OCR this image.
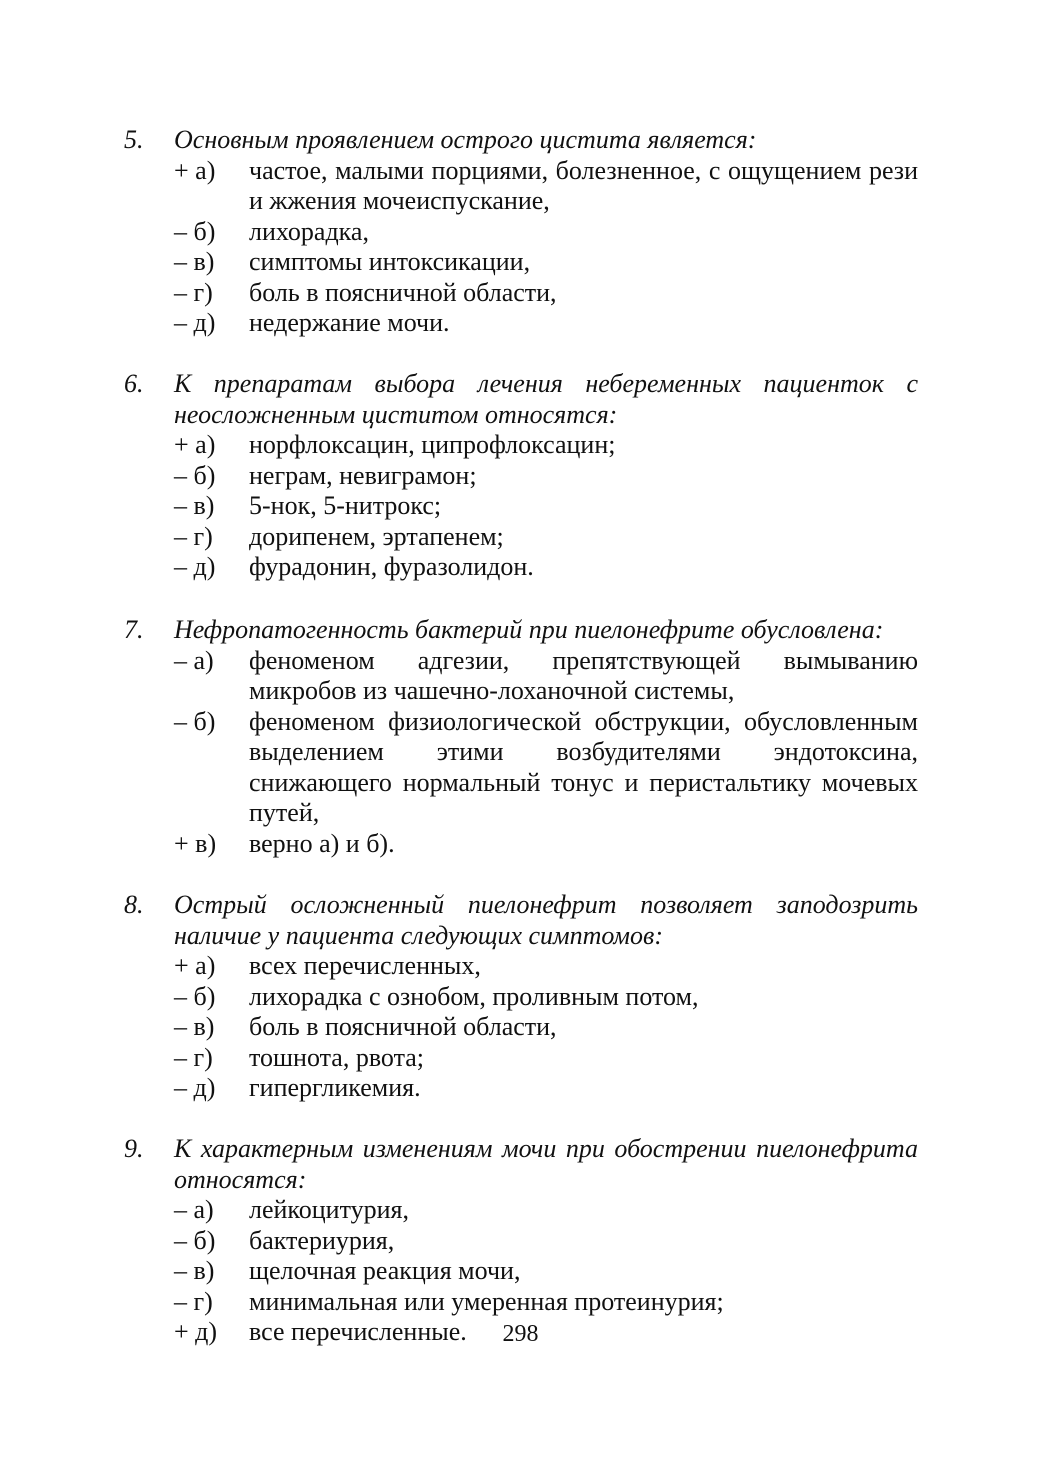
5.	Основным проявлением острого цистита является:
+ а)	частое, малыми порциями, болезненное, с ощущением рези и жжения мочеиспускание,
– б)	лихорадка,
– в)	симптомы интоксикации,
– г)	боль в поясничной области,
– д)	недержание мочи.
6.	К препаратам выбора лечения небеременных пациенток с неосложненным циститом относятся:
+ а)	норфлоксацин, ципрофлоксацин;
– б)	неграм, невиграмон;
– в)	5-нок, 5-нитрокс;
– г)	дорипенем, эртапенем;
– д)	фурадонин, фуразолидон.
7.	Нефропатогенность бактерий при пиелонефрите обусловлена:
– а)	феноменом адгезии, препятствующей вымыванию микробов из чашечно-лоханочной системы,
– б)	феноменом физиологической обструкции, обусловленным выделением этими возбудителями эндотоксина, снижающего нормальный тонус и перистальтику мочевых путей,
+ в)	верно а) и б).
8.	Острый осложненный пиелонефрит позволяет заподозрить наличие у пациента следующих симптомов:
+ а)	всех перечисленных,
– б)	лихорадка с ознобом, проливным потом,
– в)	боль в поясничной области,
– г)	тошнота, рвота;
– д)	гипергликемия.
9.	К характерным изменениям мочи при обострении пиелонефрита относятся:
– а)	лейкоцитурия,
– б)	бактериурия,
– в)	щелочная реакция мочи,
– г)	минимальная или умеренная протеинурия;
+ д)	все перечисленные.	298
